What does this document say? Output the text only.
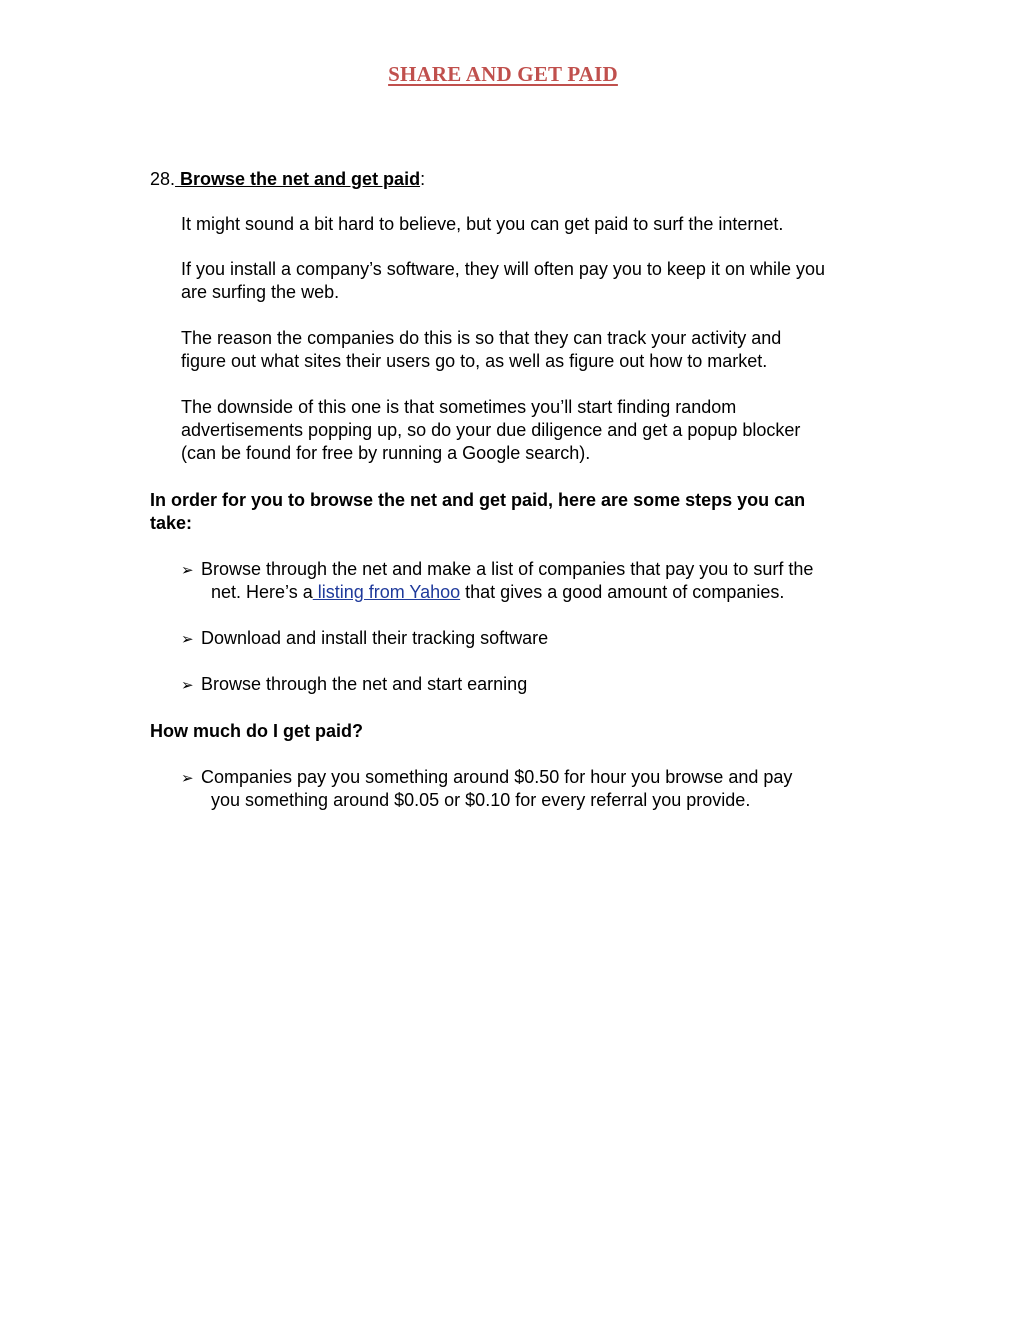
SHARE AND GET PAID
28. Browse the net and get paid:
It might sound a bit hard to believe, but you can get paid to surf the internet.
If you install a company’s software, they will often pay you to keep it on while you
are surfing the web.
The reason the companies do this is so that they can track your activity and
figure out what sites their users go to, as well as figure out how to market.
The downside of this one is that sometimes you’ll start finding random
advertisements popping up, so do your due diligence and get a popup blocker
(can be found for free by running a Google search).
In order for you to browse the net and get paid, here are some steps you can
take:
➢ Browse through the net and make a list of companies that pay you to surf the
net. Here’s a listing from Yahoo that gives a good amount of companies.
➢ Download and install their tracking software
➢ Browse through the net and start earning
How much do I get paid?
➢ Companies pay you something around $0.50 for hour you browse and pay
you something around $0.05 or $0.10 for every referral you provide.
